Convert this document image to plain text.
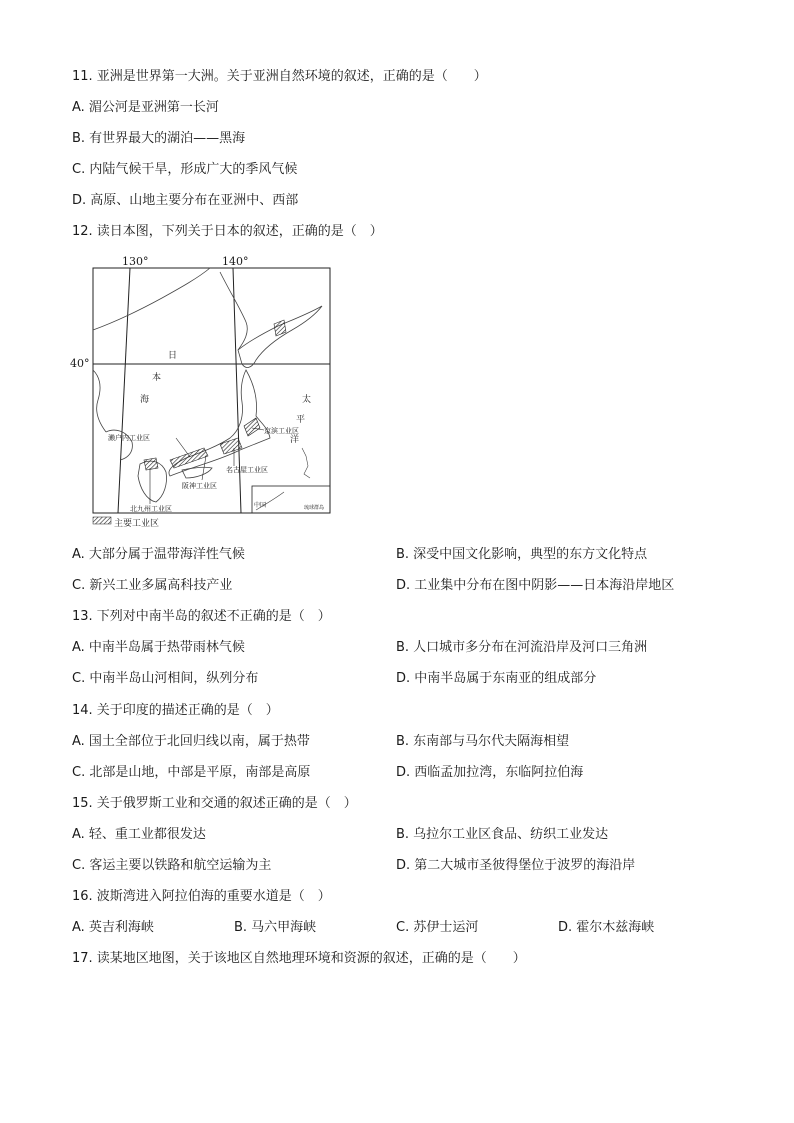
11. 亚洲是世界第一大洲。关于亚洲自然环境的叙述，正确的是（　　）
A. 湄公河是亚洲第一长河
B. 有世界最大的湖泊——黑海
C. 内陆气候干旱，形成广大的季风气候
D. 高原、山地主要分布在亚洲中、西部
12. 读日本图，下列关于日本的叙述，正确的是（　）
130°	140°
40°
日
本
海	太
平
洋
濑户内工业区
京滨工业区
名古屋工业区
阪神工业区
北九州工业区	中国	琉球群岛
主要工业区
A. 大部分属于温带海洋性气候	B. 深受中国文化影响，典型的东方文化特点
C. 新兴工业多属高科技产业	D. 工业集中分布在图中阴影——日本海沿岸地区
13. 下列对中南半岛的叙述不正确的是（　）
A. 中南半岛属于热带雨林气候	B. 人口城市多分布在河流沿岸及河口三角洲
C. 中南半岛山河相间，纵列分布	D. 中南半岛属于东南亚的组成部分
14. 关于印度的描述正确的是（　）
A. 国土全部位于北回归线以南，属于热带	B. 东南部与马尔代夫隔海相望
C. 北部是山地，中部是平原，南部是高原	D. 西临孟加拉湾，东临阿拉伯海
15. 关于俄罗斯工业和交通的叙述正确的是（　）
A. 轻、重工业都很发达	B. 乌拉尔工业区食品、纺织工业发达
C. 客运主要以铁路和航空运输为主	D. 第二大城市圣彼得堡位于波罗的海沿岸
16. 波斯湾进入阿拉伯海的重要水道是（　）
A. 英吉利海峡	B. 马六甲海峡	C. 苏伊士运河	D. 霍尔木兹海峡
17. 读某地区地图，关于该地区自然地理环境和资源的叙述，正确的是（　　）
